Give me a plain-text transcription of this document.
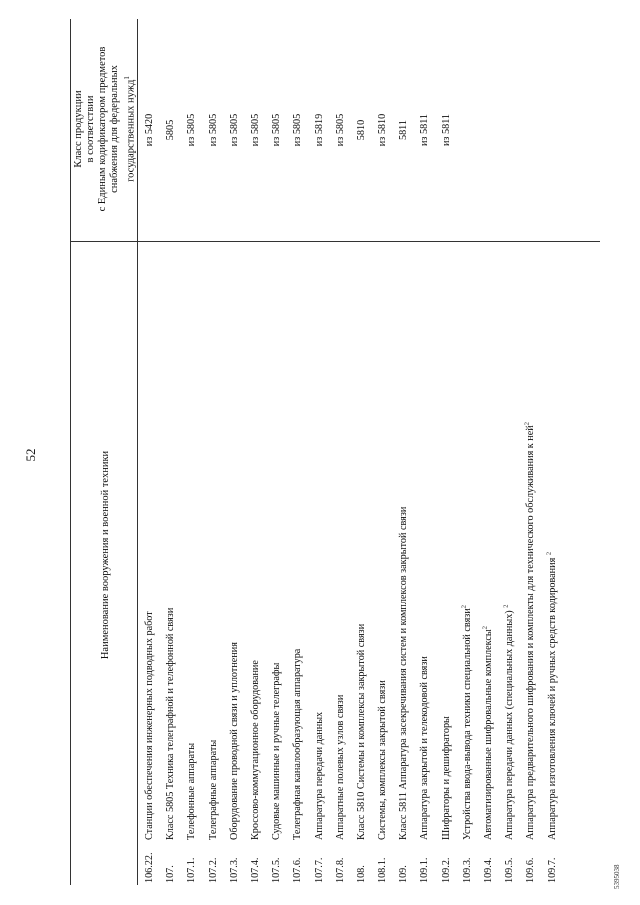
52	Наименование вооружения и военной техники
Класс продукции в соответствии с Единым кодификатором предметов снабжения для федеральных государственных нужд$^1$
106.22.
Станции обеспечения инженерных подводных работ
из 5420
107.
Класс 5805 Техника телеграфной и телефонной связи
5805
107.1.
Телефонные аппараты
из 5805
107.2.
Телеграфные аппараты
из 5805
107.3.
Оборудование проводной связи и уплотнения
из 5805
107.4.
Кроссово-коммутационное оборудование
из 5805
107.5.
Судовые машинные и ручные телеграфы
из 5805
107.6.
Телеграфная каналообразующая аппаратура
из 5805
107.7.
Аппаратура передачи данных
из 5819
107.8.
Аппаратные полевых узлов связи
из 5805
108.
Класс 5810 Системы и комплексы закрытой связи
5810
108.1.
Системы, комплексы закрытой связи
из 5810
109.
Класс 5811 Аппаратура засекречивания систем и комплексов закрытой связи
5811
109.1.
Аппаратура закрытой и телекодовой связи
из 5811
109.2.
Шифраторы и дешифраторы
из 5811
109.3.
Устройства ввода-вывода техники специальной связи$^2$
109.4.
Автоматизированные шифровальные комплексы$^2$
109.5.
Аппаратура передачи данных (специальных данных) $^2$
109.6.
Аппаратура предварительного шифрования и комплекты для технического обслуживания к ней$^2$
109.7.
Аппаратура изготовления ключей и ручных средств кодирования $^2$
5395038
